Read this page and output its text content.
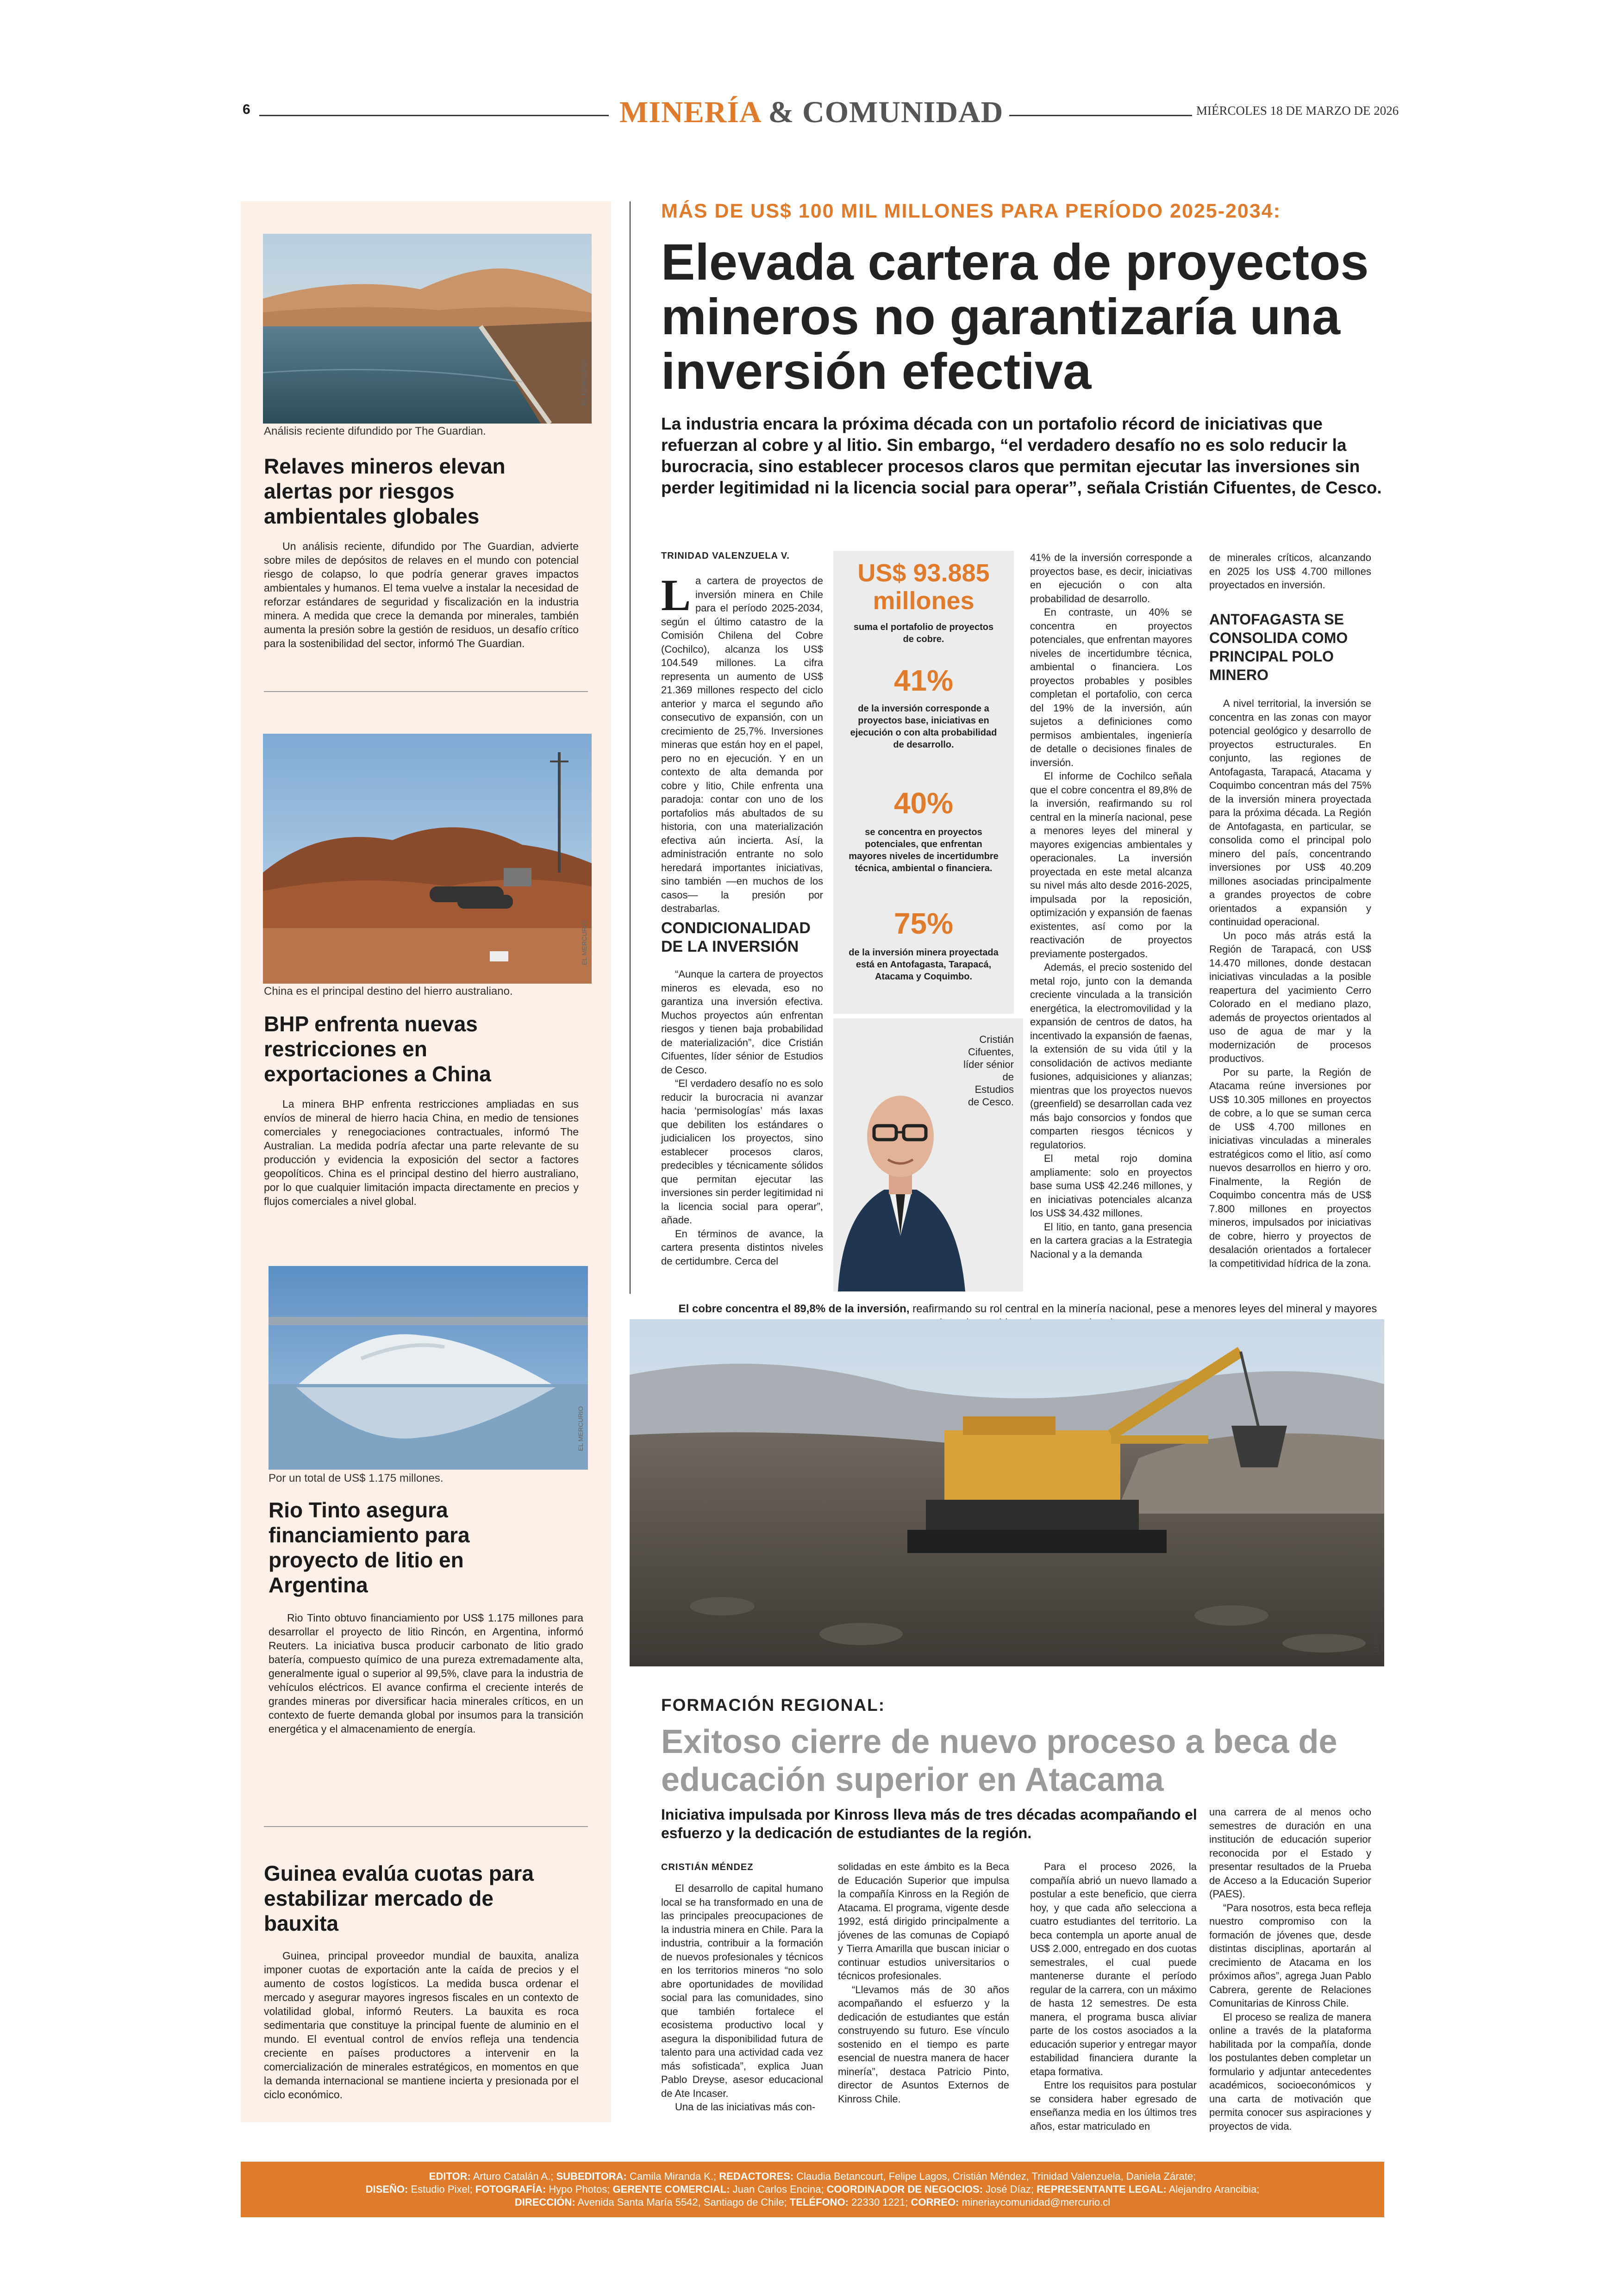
6	MINERÍA & COMUNIDAD	MIÉRCOLES 18 DE MARZO DE 2026
EL MERCURIO
Análisis reciente difundido por The Guardian.
Relaves mineros elevan alertas por riesgos ambientales globales
Un análisis reciente, difundido por The Guardian, advierte sobre miles de depósitos de relaves en el mundo con potencial riesgo de colapso, lo que podría generar graves impactos ambientales y humanos. El tema vuelve a instalar la necesidad de reforzar estándares de seguridad y fiscalización en la industria minera. A medida que crece la demanda por minerales, también aumenta la presión sobre la gestión de residuos, un desafío crítico para la sostenibilidad del sector, informó The Guardian.
EL MERCURIO
China es el principal destino del hierro australiano.
BHP enfrenta nuevas restricciones en exportaciones a China
La minera BHP enfrenta restricciones ampliadas en sus envíos de mineral de hierro hacia China, en medio de tensiones comerciales y renegociaciones contractuales, informó The Australian. La medida podría afectar una parte relevante de su producción y evidencia la exposición del sector a factores geopolíticos. China es el principal destino del hierro australiano, por lo que cualquier limitación impacta directamente en precios y flujos comerciales a nivel global.
EL MERCURIO
Por un total de US$ 1.175 millones.
Rio Tinto asegura financiamiento para proyecto de litio en Argentina
Rio Tinto obtuvo financiamiento por US$ 1.175 millones para desarrollar el proyecto de litio Rincón, en Argentina, informó Reuters. La iniciativa busca producir carbonato de litio grado batería, compuesto químico de una pureza extremadamente alta, generalmente igual o superior al 99,5%, clave para la industria de vehículos eléctricos. El avance confirma el creciente interés de grandes mineras por diversificar hacia minerales críticos, en un contexto de fuerte demanda global por insumos para la transición energética y el almacenamiento de energía.
Guinea evalúa cuotas para estabilizar mercado de bauxita
Guinea, principal proveedor mundial de bauxita, analiza imponer cuotas de exportación ante la caída de precios y el aumento de costos logísticos. La medida busca ordenar el mercado y asegurar mayores ingresos fiscales en un contexto de volatilidad global, informó Reuters. La bauxita es roca sedimentaria que constituye la principal fuente de aluminio en el mundo. El eventual control de envíos refleja una tendencia creciente en países productores a intervenir en la comercialización de minerales estratégicos, en momentos en que la demanda internacional se mantiene incierta y presionada por el ciclo económico.
MÁS DE US$ 100 MIL MILLONES PARA PERÍODO 2025-2034:
Elevada cartera de proyectos mineros no garantizaría una inversión efectiva
La industria encara la próxima década con un portafolio récord de iniciativas que refuerzan al cobre y al litio. Sin embargo, “el verdadero desafío no es solo reducir la burocracia, sino establecer procesos claros que permitan ejecutar las inversiones sin perder legitimidad ni la licencia social para operar”, señala Cristián Cifuentes, de Cesco.
TRINIDAD VALENZUELA V.

La cartera de proyectos de inversión minera en Chile para el período 2025-2034, según el último catastro de la Comisión Chilena del Cobre (Cochilco), alcanza los US$ 104.549 millones. La cifra representa un aumento de US$ 21.369 millones respecto del ciclo anterior y marca el segundo año consecutivo de expansión, con un crecimiento de 25,7%. Inversiones mineras que están hoy en el papel, pero no en ejecución. Y en un contexto de alta demanda por cobre y litio, Chile enfrenta una paradoja: contar con uno de los portafolios más abultados de su historia, con una materialización efectiva aún incierta. Así, la administración entrante no solo heredará importantes iniciativas, sino también —en muchos de los casos— la presión por destrabarlas.

CONDICIONALIDAD DE LA INVERSIÓN

“Aunque la cartera de proyectos mineros es elevada, eso no garantiza una inversión efectiva. Muchos proyectos aún enfrentan riesgos y tienen baja probabilidad de materialización”, dice Cristián Cifuentes, líder sénior de Estudios de Cesco.

“El verdadero desafío no es solo reducir la burocracia ni avanzar hacia ‘permisologías’ más laxas que debiliten los estándares o judicialicen los proyectos, sino establecer procesos claros, predecibles y técnicamente sólidos que permitan ejecutar las inversiones sin perder legitimidad ni la licencia social para operar”, añade.

En términos de avance, la cartera presenta distintos niveles de certidumbre. Cerca del

US$ 93.885
millones
suma el portafolio de proyectos de cobre.
41%
de la inversión corresponde a proyectos base, iniciativas en ejecución o con alta probabilidad de desarrollo.
40%
se concentra en proyectos potenciales, que enfrentan mayores niveles de incertidumbre técnica, ambiental o financiera.
75%
de la inversión minera proyectada está en Antofagasta, Tarapacá, Atacama y Coquimbo.
Cristián Cifuentes, líder sénior de Estudios de Cesco.

41% de la inversión corresponde a proyectos base, es decir, iniciativas en ejecución o con alta probabilidad de desarrollo.

En contraste, un 40% se concentra en proyectos potenciales, que enfrentan mayores niveles de incertidumbre técnica, ambiental o financiera. Los proyectos probables y posibles completan el portafolio, con cerca del 19% de la inversión, aún sujetos a definiciones como permisos ambientales, ingeniería de detalle o decisiones finales de inversión.

El informe de Cochilco señala que el cobre concentra el 89,8% de la inversión, reafirmando su rol central en la minería nacional, pese a menores leyes del mineral y mayores exigencias ambientales y operacionales. La inversión proyectada en este metal alcanza su nivel más alto desde 2016-2025, impulsada por la reposición, optimización y expansión de faenas existentes, así como por la reactivación de proyectos previamente postergados.

Además, el precio sostenido del metal rojo, junto con la demanda creciente vinculada a la transición energética, la electromovilidad y la expansión de centros de datos, ha incentivado la expansión de faenas, la extensión de su vida útil y la consolidación de activos mediante fusiones, adquisiciones y alianzas; mientras que los proyectos nuevos (greenfield) se desarrollan cada vez más bajo consorcios y fondos que comparten riesgos técnicos y regulatorios.

El metal rojo domina ampliamente: solo en proyectos base suma US$ 42.246 millones, y en iniciativas potenciales alcanza los US$ 34.432 millones.

El litio, en tanto, gana presencia en la cartera gracias a la Estrategia Nacional y a la demanda

de minerales críticos, alcanzando en 2025 los US$ 4.700 millones proyectados en inversión.

ANTOFAGASTA SE CONSOLIDA COMO PRINCIPAL POLO MINERO

A nivel territorial, la inversión se concentra en las zonas con mayor potencial geológico y desarrollo de proyectos estructurales. En conjunto, las regiones de Antofagasta, Tarapacá, Atacama y Coquimbo concentran más del 75% de la inversión minera proyectada para la próxima década. La Región de Antofagasta, en particular, se consolida como el principal polo minero del país, concentrando inversiones por US$ 40.209 millones asociadas principalmente a grandes proyectos de cobre orientados a expansión y continuidad operacional.

Un poco más atrás está la Región de Tarapacá, con US$ 14.470 millones, donde destacan iniciativas vinculadas a la posible reapertura del yacimiento Cerro Colorado en el mediano plazo, además de proyectos orientados al uso de agua de mar y la modernización de procesos productivos.

Por su parte, la Región de Atacama reúne inversiones por US$ 10.305 millones en proyectos de cobre, a lo que se suman cerca de US$ 4.700 millones en iniciativas vinculadas a minerales estratégicos como el litio, así como nuevos desarrollos en hierro y oro. Finalmente, la Región de Coquimbo concentra más de US$ 7.800 millones en proyectos mineros, impulsados por iniciativas de cobre, hierro y proyectos de desalación orientados a fortalecer la competitividad hídrica de la zona.

El cobre concentra el 89,8% de la inversión, reafirmando su rol central en la minería nacional, pese a menores leyes del mineral y mayores
ELMERCURIO
FORMACIÓN REGIONAL:
Exitoso cierre de nuevo proceso a beca de educación superior en Atacama
Iniciativa impulsada por Kinross lleva más de tres décadas acompañando el esfuerzo y la dedicación de estudiantes de la región.
CRISTIÁN MÉNDEZ

El desarrollo de capital humano local se ha transformado en una de las principales preocupaciones de la industria minera en Chile. Para la industria, contribuir a la formación de nuevos profesionales y técnicos en los territorios mineros “no solo abre oportunidades de movilidad social para las comunidades, sino que también fortalece el ecosistema productivo local y asegura la disponibilidad futura de talento para una actividad cada vez más sofisticada”, explica Juan Pablo Dreyse, asesor educacional de Ate Incaser.

Una de las iniciativas más con-

solidadas en este ámbito es la Beca de Educación Superior que impulsa la compañía Kinross en la Región de Atacama. El programa, vigente desde 1992, está dirigido principalmente a jóvenes de las comunas de Copiapó y Tierra Amarilla que buscan iniciar o continuar estudios universitarios o técnicos profesionales.

“Llevamos más de 30 años acompañando el esfuerzo y la dedicación de estudiantes que están construyendo su futuro. Ese vínculo sostenido en el tiempo es parte esencial de nuestra manera de hacer minería”, destaca Patricio Pinto, director de Asuntos Externos de Kinross Chile.

Para el proceso 2026, la compañía abrió un nuevo llamado a postular a este beneficio, que cierra hoy, y que cada año selecciona a cuatro estudiantes del territorio. La beca contempla un aporte anual de US$ 2.000, entregado en dos cuotas semestrales, el cual puede mantenerse durante el período regular de la carrera, con un máximo de hasta 12 semestres. De esta manera, el programa busca aliviar parte de los costos asociados a la educación superior y entregar mayor estabilidad financiera durante la etapa formativa.

Entre los requisitos para postular se considera haber egresado de enseñanza media en los últimos tres años, estar matriculado en

una carrera de al menos ocho semestres de duración en una institución de educación superior reconocida por el Estado y presentar resultados de la Prueba de Acceso a la Educación Superior (PAES).

“Para nosotros, esta beca refleja nuestro compromiso con la formación de jóvenes que, desde distintas disciplinas, aportarán al crecimiento de Atacama en los próximos años”, agrega Juan Pablo Cabrera, gerente de Relaciones Comunitarias de Kinross Chile.

El proceso se realiza de manera online a través de la plataforma habilitada por la compañía, donde los postulantes deben completar un formulario y adjuntar antecedentes académicos, socioeconómicos y una carta de motivación que permita conocer sus aspiraciones y proyectos de vida.

EDITOR: Arturo Catalán A.; SUBEDITORA: Camila Miranda K.; REDACTORES: Claudia Betancourt, Felipe Lagos, Cristián Méndez, Trinidad Valenzuela, Daniela Zárate;
DISEÑO: Estudio Pixel; FOTOGRAFÍA: Hypo Photos; GERENTE COMERCIAL: Juan Carlos Encina; COORDINADOR DE NEGOCIOS: José Díaz; REPRESENTANTE LEGAL: Alejandro Arancibia;
DIRECCIÓN: Avenida Santa María 5542, Santiago de Chile; TELÉFONO: 22330 1221; CORREO: mineriaycomunidad@mercurio.cl
